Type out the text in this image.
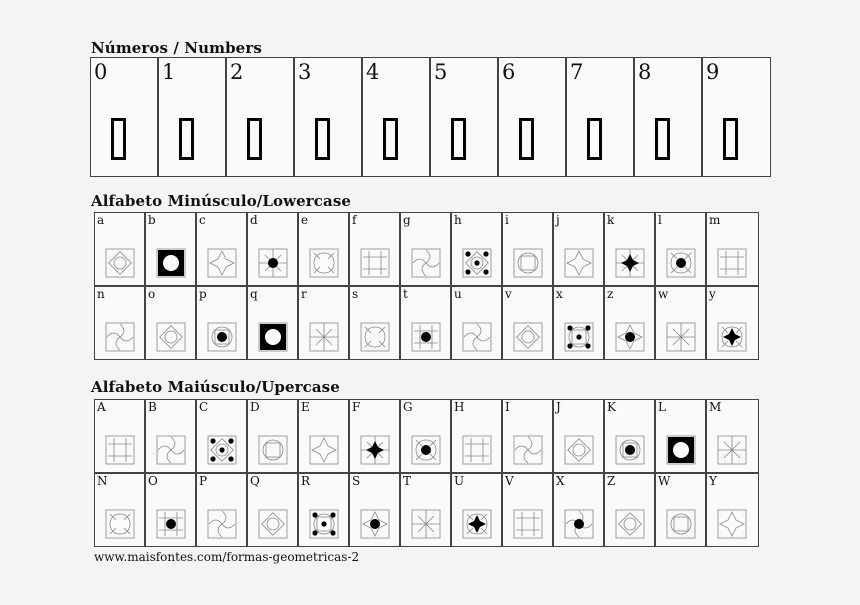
Números / Numbers
0	1	2	3	4	5	6	7	8	9
Alfabeto Minúsculo/Lowercase
a	b	c	d	e	f	g	h	i	j	k	l	m
n	o	p	q	r	s	t	u	v	x	z	w	y
Alfabeto Maiúsculo/Upercase
A	B	C	D	E	F	G	H	I	J	K	L	M
N	O	P	Q	R	S	T	U	V	X	Z	W	Y
www.maisfontes.com/formas-geometricas-2
